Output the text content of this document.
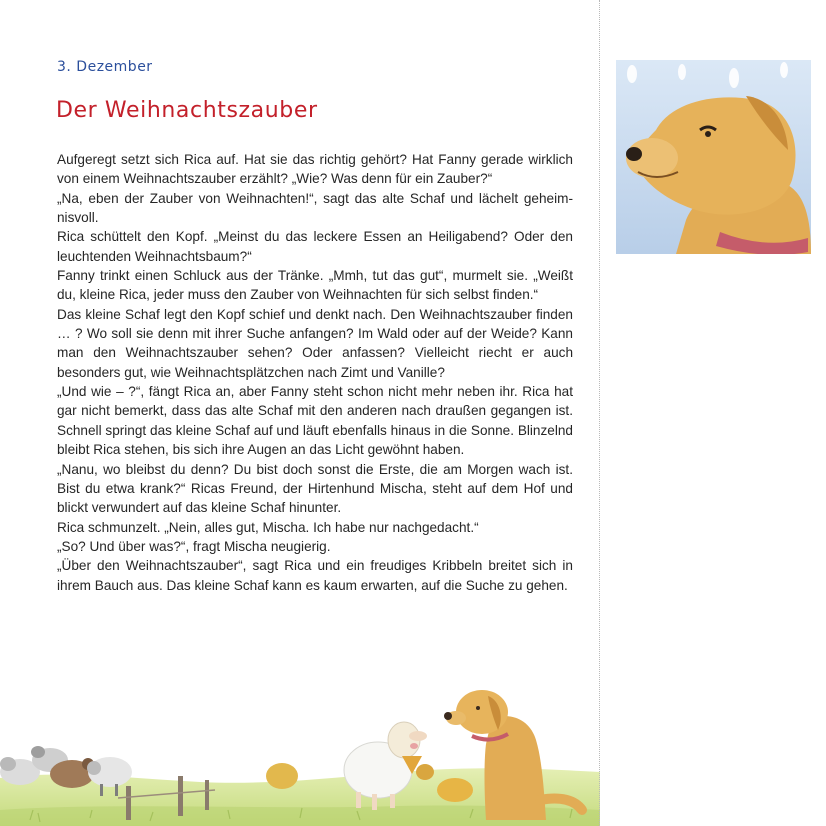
3. Dezember
Der Weihnachtszauber

Aufgeregt setzt sich Rica auf. Hat sie das richtig gehört? Hat Fanny gerade wirklich von einem Weihnachtszauber erzählt? „Wie? Was denn für ein Zauber?“

„Na, eben der Zauber von Weihnachten!“, sagt das alte Schaf und lächelt geheimnisvoll.

Rica schüttelt den Kopf. „Meinst du das leckere Essen an Heiligabend? Oder den leuchtenden Weihnachtsbaum?“

Fanny trinkt einen Schluck aus der Tränke. „Mmh, tut das gut“, murmelt sie. „Weißt du, kleine Rica, jeder muss den Zauber von Weihnachten für sich selbst finden.“

Das kleine Schaf legt den Kopf schief und denkt nach. Den Weihnachtszauber finden … ? Wo soll sie denn mit ihrer Suche anfangen? Im Wald oder auf der Weide? Kann man den Weihnachtszauber sehen? Oder anfassen? Vielleicht riecht er auch besonders gut, wie Weihnachtsplätzchen nach Zimt und Vanille?

„Und wie – ?“, fängt Rica an, aber Fanny steht schon nicht mehr neben ihr. Rica hat gar nicht bemerkt, dass das alte Schaf mit den anderen nach draußen gegangen ist. Schnell springt das kleine Schaf auf und läuft ebenfalls hinaus in die Sonne. Blinzelnd bleibt Rica stehen, bis sich ihre Augen an das Licht gewöhnt haben.

„Nanu, wo bleibst du denn? Du bist doch sonst die Erste, die am Morgen wach ist. Bist du etwa krank?“ Ricas Freund, der Hirtenhund Mischa, steht auf dem Hof und blickt verwundert auf das kleine Schaf hinunter.

Rica schmunzelt. „Nein, alles gut, Mischa. Ich habe nur nachgedacht.“

„So? Und über was?“, fragt Mischa neugierig.

„Über den Weihnachtszauber“, sagt Rica und ein freudiges Kribbeln breitet sich in ihrem Bauch aus. Das kleine Schaf kann es kaum erwarten, auf die Suche zu gehen.
